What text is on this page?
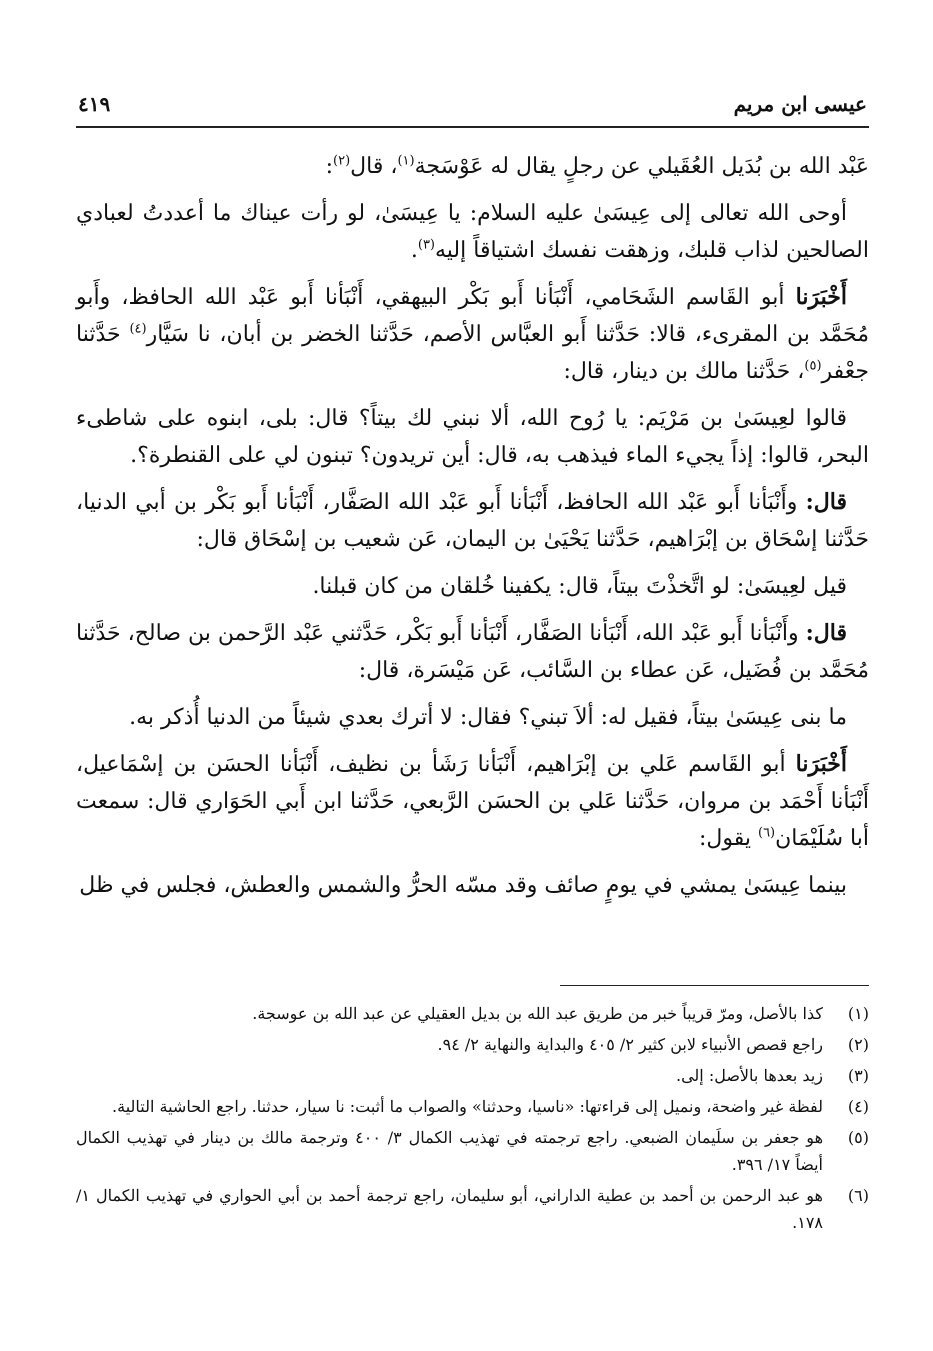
عيسى ابن مريم
٤١٩

عَبْد الله بن بُدَيل العُقَيلي عن رجلٍ يقال له عَوْسَجة$^{(١)}$، قال$^{(٢)}$:

أوحى الله تعالى إلى عِيسَىٰ عليه السلام: يا عِيسَىٰ، لو رأت عيناك ما أعددتُ لعبادي الصالحين لذاب قلبك، وزهقت نفسك اشتياقاً إليه$^{(٣)}$.

أَخْبَرَنا أبو القَاسم الشَحَامي، أَنْبَأنا أَبو بَكْر البيهقي، أَنْبَأنا أَبو عَبْد الله الحافظ، وأَبو مُحَمَّد بن المقرىء، قالا: حَدَّثنا أَبو العبَّاس الأصم، حَدَّثنا الخضر بن أبان، نا سَيَّار$^{(٤)}$ حَدَّثنا جعْفر$^{(٥)}$، حَدَّثنا مالك بن دينار، قال:

قالوا لعِيسَىٰ بن مَرْيَم: يا رُوح الله، ألا نبني لك بيتاً؟ قال: بلى، ابنوه على شاطىء البحر، قالوا: إذاً يجيء الماء فيذهب به، قال: أين تريدون؟ تبنون لي على القنطرة؟.

قال: وأَنْبَأنا أَبو عَبْد الله الحافظ، أَنْبَأنا أَبو عَبْد الله الصَفَّار، أَنْبَأنا أَبو بَكْر بن أبي الدنيا، حَدَّثنا إسْحَاق بن إبْرَاهيم، حَدَّثنا يَحْيَىٰ بن اليمان، عَن شعيب بن إسْحَاق قال:

قيل لعِيسَىٰ: لو اتَّخذْتَ بيتاً، قال: يكفينا خُلقان من كان قبلنا.

قال: وأَنْبَأنا أَبو عَبْد الله، أَنْبَأنا الصَفَّار، أَنْبَأنا أَبو بَكْر، حَدَّثني عَبْد الرَّحمن بن صالح، حَدَّثنا مُحَمَّد بن فُضَيل، عَن عطاء بن السَّائب، عَن مَيْسَرة، قال:

ما بنى عِيسَىٰ بيتاً، فقيل له: ألاَ تبني؟ فقال: لا أترك بعدي شيئاً من الدنيا أُذكر به.

أَخْبَرَنا أبو القَاسم عَلي بن إبْرَاهيم، أَنْبَأنا رَشَأ بن نظيف، أَنْبَأنا الحسَن بن إسْمَاعيل، أَنْبَأنا أَحْمَد بن مروان، حَدَّثنا عَلي بن الحسَن الرَّبعي، حَدَّثنا ابن أَبي الحَوَاري قال: سمعت أبا سُلَيْمَان$^{(٦)}$ يقول:

بينما عِيسَىٰ يمشي في يومٍ صائف وقد مسّه الحرُّ والشمس والعطش، فجلس في ظل

(١)
كذا بالأصل، ومرّ قريباً خبر من طريق عبد الله بن بديل العقيلي عن عبد الله بن عوسجة.
(٢)
راجع قصص الأنبياء لابن كثير ٢/ ٤٠٥ والبداية والنهاية ٢/ ٩٤.
(٣)
زيد بعدها بالأصل: إلى.
(٤)
لفظة غير واضحة، ونميل إلى قراءتها: «ناسيا، وحدثنا» والصواب ما أثبت: نا سيار، حدثنا. راجع الحاشية التالية.
(٥)
هو جعفر بن سلَيمان الضبعي. راجع ترجمته في تهذيب الكمال ٣/ ٤٠٠ وترجمة مالك بن دينار في تهذيب الكمال أيضاً ١٧/ ٣٩٦.
(٦)
هو عبد الرحمن بن أحمد بن عطية الداراني، أبو سليمان، راجع ترجمة أحمد بن أبي الحواري في تهذيب الكمال ١/ ١٧٨.
